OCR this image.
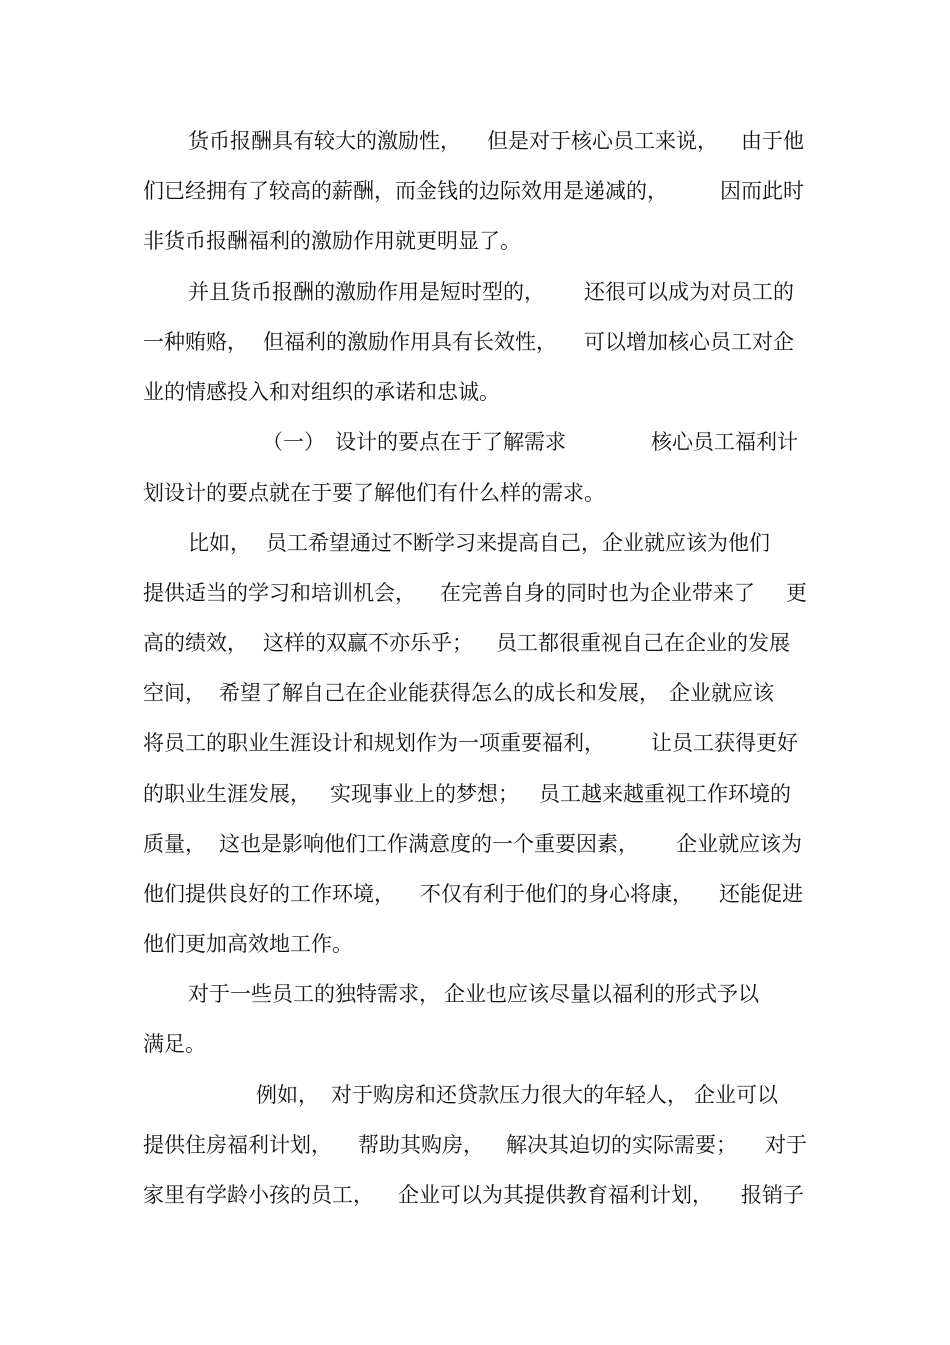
货币报酬具有较大的激励性， 但是对于核心员工来说， 由于他
们已经拥有了较高的薪酬，而金钱的边际效用是递减的， 因而此时
非货币报酬福利的激励作用就更明显了。
并且货币报酬的激励作用是短时型的， 还很可以成为对员工的
一种贿赂， 但福利的激励作用具有长效性， 可以增加核心员工对企
业的情感投入和对组织的承诺和忠诚。
（一） 设计的要点在于了解需求	核心员工福利计
划设计的要点就在于要了解他们有什么样的需求。
比如， 员工希望通过不断学习来提高自己，企业就应该为他们
提供适当的学习和培训机会， 在完善自身的同时也为企业带来了 更
高的绩效， 这样的双赢不亦乐乎； 员工都很重视自己在企业的发展
空间， 希望了解自己在企业能获得怎么的成长和发展， 企业就应该
将员工的职业生涯设计和规划作为一项重要福利， 让员工获得更好
的职业生涯发展， 实现事业上的梦想； 员工越来越重视工作环境的
质量， 这也是影响他们工作满意度的一个重要因素， 企业就应该为
他们提供良好的工作环境， 不仅有利于他们的身心将康， 还能促进
他们更加高效地工作。
对于一些员工的独特需求， 企业也应该尽量以福利的形式予以
满足。
例如， 对于购房和还贷款压力很大的年轻人， 企业可以
提供住房福利计划， 帮助其购房， 解决其迫切的实际需要； 对于
家里有学龄小孩的员工， 企业可以为其提供教育福利计划， 报销子
